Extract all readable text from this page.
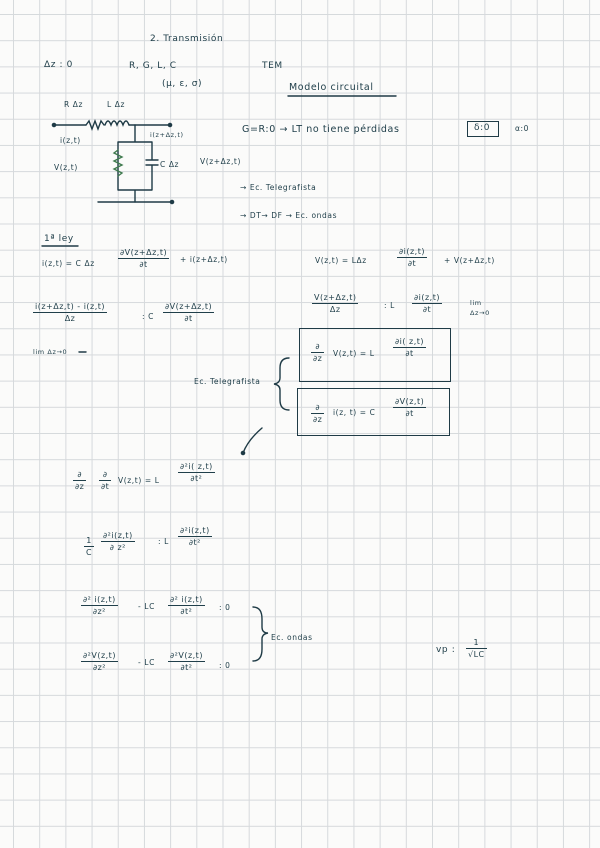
2. Transmisión
Δz : 0	R, G, L, C
(μ, ε, σ)
TEM
Modelo circuital
R Δz	L Δz
i(z,t)
i(z+Δz,t)
C Δz
V(z,t)
V(z+Δz,t)
G=R:0 → LT no tiene pérdidas	δ:0	α:0
→ Ec. Telegrafista
→ DT→ DF → Ec. ondas
1ª ley
i(z,t) = C Δz	$\frac{\partial V(z+\Delta z,t)}{\partial t} + i(z+\Delta z,t)$	V(z,t) = LΔz	$\frac{\partial i(z,t)}{\partial t} + V(z+\Delta z,t)$
$\frac{i(z+\Delta z,t) - i(z,t)}{\Delta z}$	: C $\frac{\partial V(z+\Delta z,t)}{\partial t}$
lim Δz→0
$\frac{V(z+\Delta z,t)}{\Delta z}$	: L $\frac{\partial i(z,t)}{\partial t}$	lim
Δz→0
Ec. Telegrafista
∂
∂z
V(z,t) = L $\frac{\partial i( z,t)}{\partial t}$
∂
∂z
i(z, t) = C $\frac{\partial V(z,t)}{\partial t}$
∂
∂z
∂
∂t
V(z,t) = L $\frac{\text{∂²i( z,t)}}{\text{∂t²}}$
$\frac{1}{C} \frac{\text{∂²i(z,t)}}{\text{∂ z²}}$	: L $\frac{\text{∂²i(z,t)}}{\text{∂t²}}$
$\frac{\text{∂² i(z,t)}}{\text{∂z²}}$	- LC $\frac{\text{∂² i(z,t)}}{\text{∂t²}}$ : 0
$\frac{\text{∂²V(z,t)}}{\text{∂z²}}$	- LC $\frac{\text{∂²V(z,t)}}{\text{∂t²}}$ : 0
Ec. ondas
vp : $\frac{1}{√LC}$
